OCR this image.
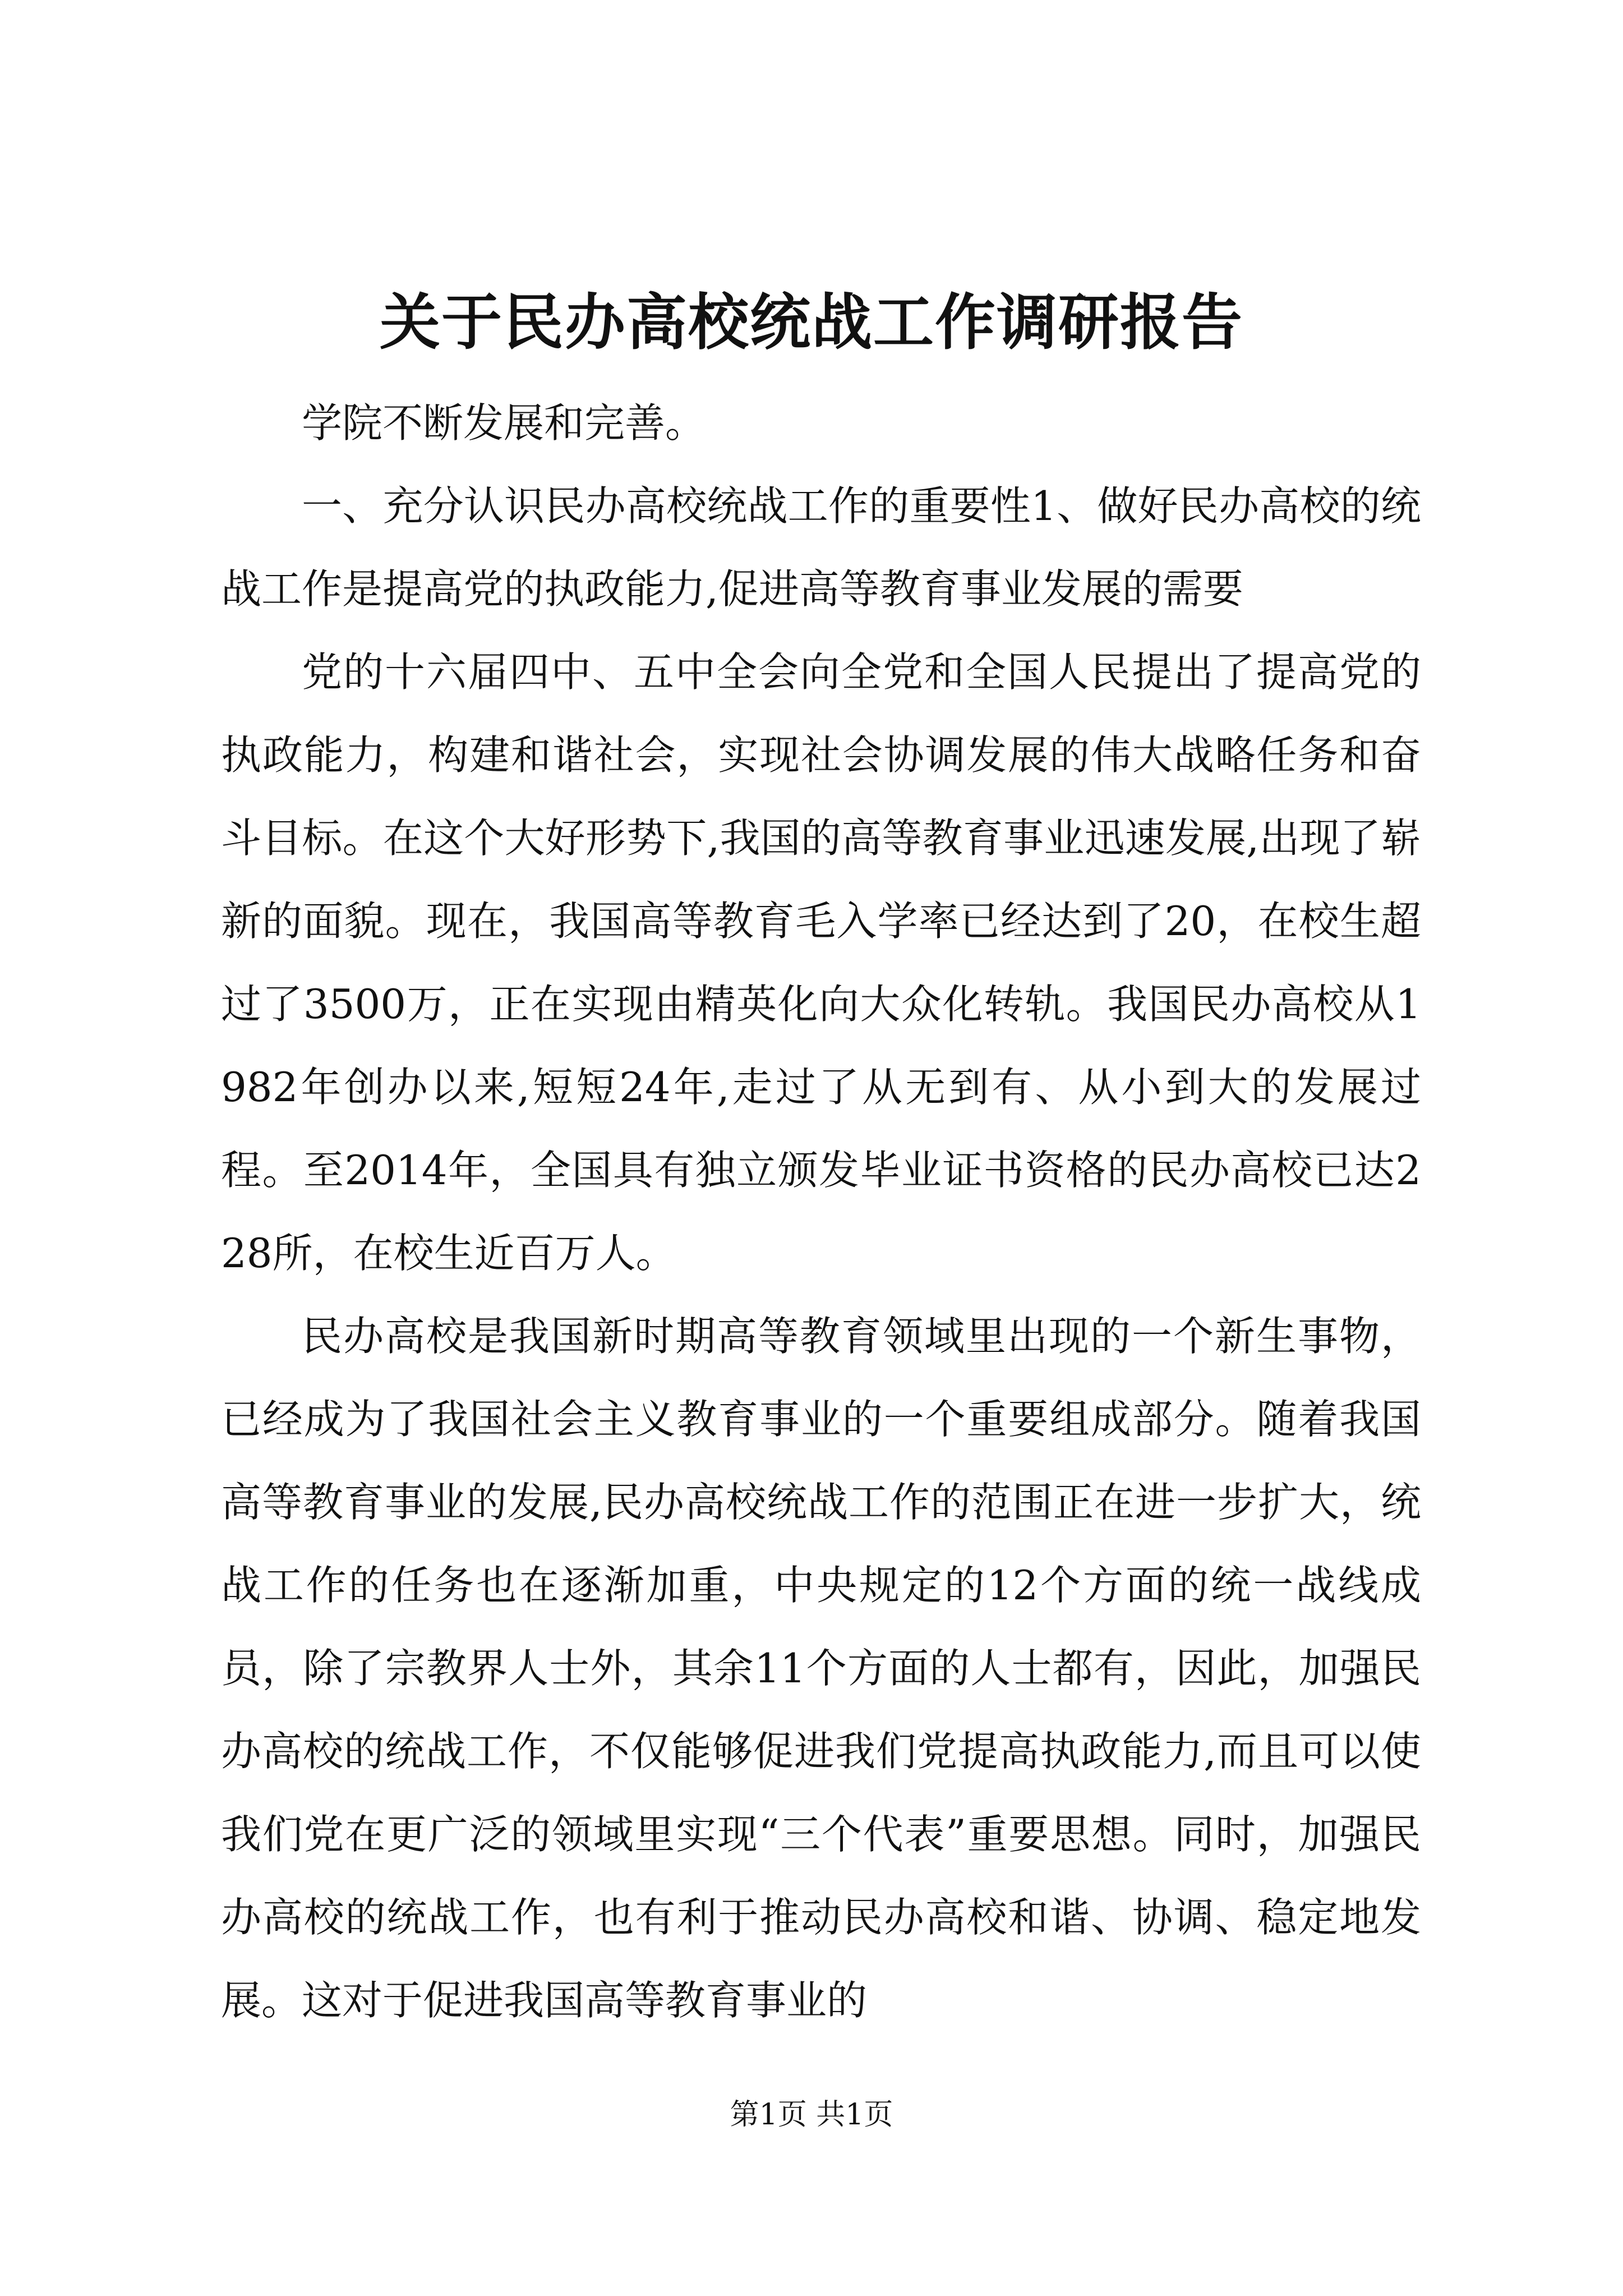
关于民办高校统战工作调研报告

学院不断发展和完善。

一、充分认识民办高校统战工作的重要性1、做好民办高校的统战工作是提高党的执政能力,促进高等教育事业发展的需要

党的十六届四中、五中全会向全党和全国人民提出了提高党的执政能力，构建和谐社会，实现社会协调发展的伟大战略任务和奋斗目标。在这个大好形势下,我国的高等教育事业迅速发展,出现了崭新的面貌。现在，我国高等教育毛入学率已经达到了20，在校生超过了3500万，正在实现由精英化向大众化转轨。我国民办高校从1982年创办以来,短短24年,走过了从无到有、从小到大的发展过程。至2014年，全国具有独立颁发毕业证书资格的民办高校已达228所，在校生近百万人。

民办高校是我国新时期高等教育领域里出现的一个新生事物，已经成为了我国社会主义教育事业的一个重要组成部分。随着我国高等教育事业的发展,民办高校统战工作的范围正在进一步扩大，统战工作的任务也在逐渐加重，中央规定的12个方面的统一战线成员，除了宗教界人士外，其余11个方面的人士都有，因此，加强民办高校的统战工作，不仅能够促进我们党提高执政能力,而且可以使我们党在更广泛的领域里实现“三个代表”重要思想。同时，加强民办高校的统战工作，也有利于推动民办高校和谐、协调、稳定地发展。这对于促进我国高等教育事业的

第1页 共1页
